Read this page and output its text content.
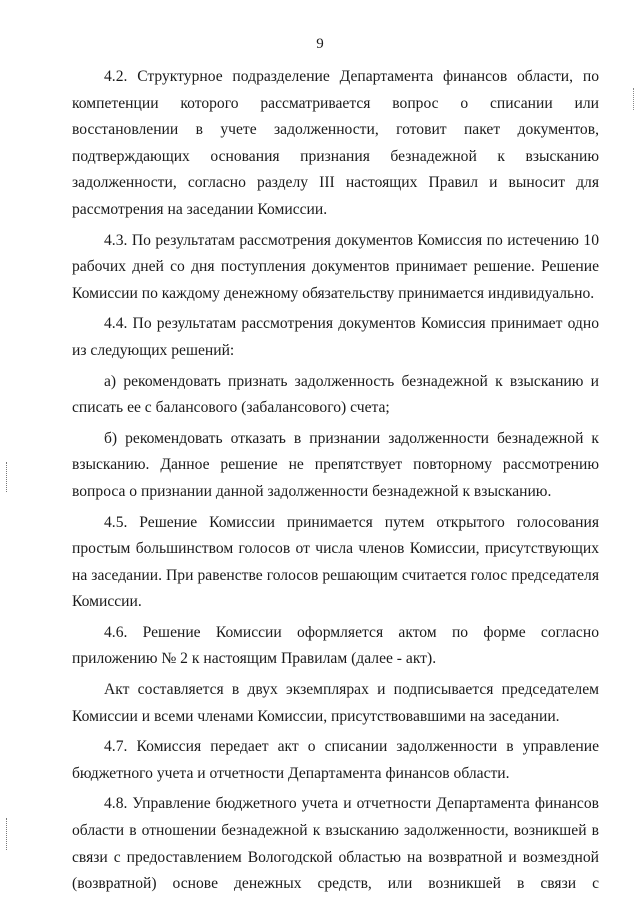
9

4.2. Структурное подразделение Департамента финансов области, по компетенции которого рассматривается вопрос о списании или восстановлении в учете задолженности, готовит пакет документов, подтверждающих основания признания безнадежной к взысканию задолженности, согласно разделу III настоящих Правил и выносит для рассмотрения на заседании Комиссии.

4.3. По результатам рассмотрения документов Комиссия по истечению 10 рабочих дней со дня поступления документов принимает решение. Решение Комиссии по каждому денежному обязательству принимается индивидуально.

4.4. По результатам рассмотрения документов Комиссия принимает одно из следующих решений:

а) рекомендовать признать задолженность безнадежной к взысканию и списать ее с балансового (забалансового) счета;

б) рекомендовать отказать в признании задолженности безнадежной к взысканию. Данное решение не препятствует повторному рассмотрению вопроса о признании данной задолженности безнадежной к взысканию.

4.5. Решение Комиссии принимается путем открытого голосования простым большинством голосов от числа членов Комиссии, присутствующих на заседании. При равенстве голосов решающим считается голос председателя Комиссии.

4.6. Решение Комиссии оформляется актом по форме согласно приложению № 2 к настоящим Правилам (далее - акт).

Акт составляется в двух экземплярах и подписывается председателем Комиссии и всеми членами Комиссии, присутствовавшими на заседании.

4.7. Комиссия передает акт о списании задолженности в управление бюджетного учета и отчетности Департамента финансов области.

4.8. Управление бюджетного учета и отчетности Департамента финансов области в отношении безнадежной к взысканию задолженности, возникшей в связи с предоставлением Вологодской областью на возвратной и возмездной (возвратной) основе денежных средств, или возникшей в связи с
